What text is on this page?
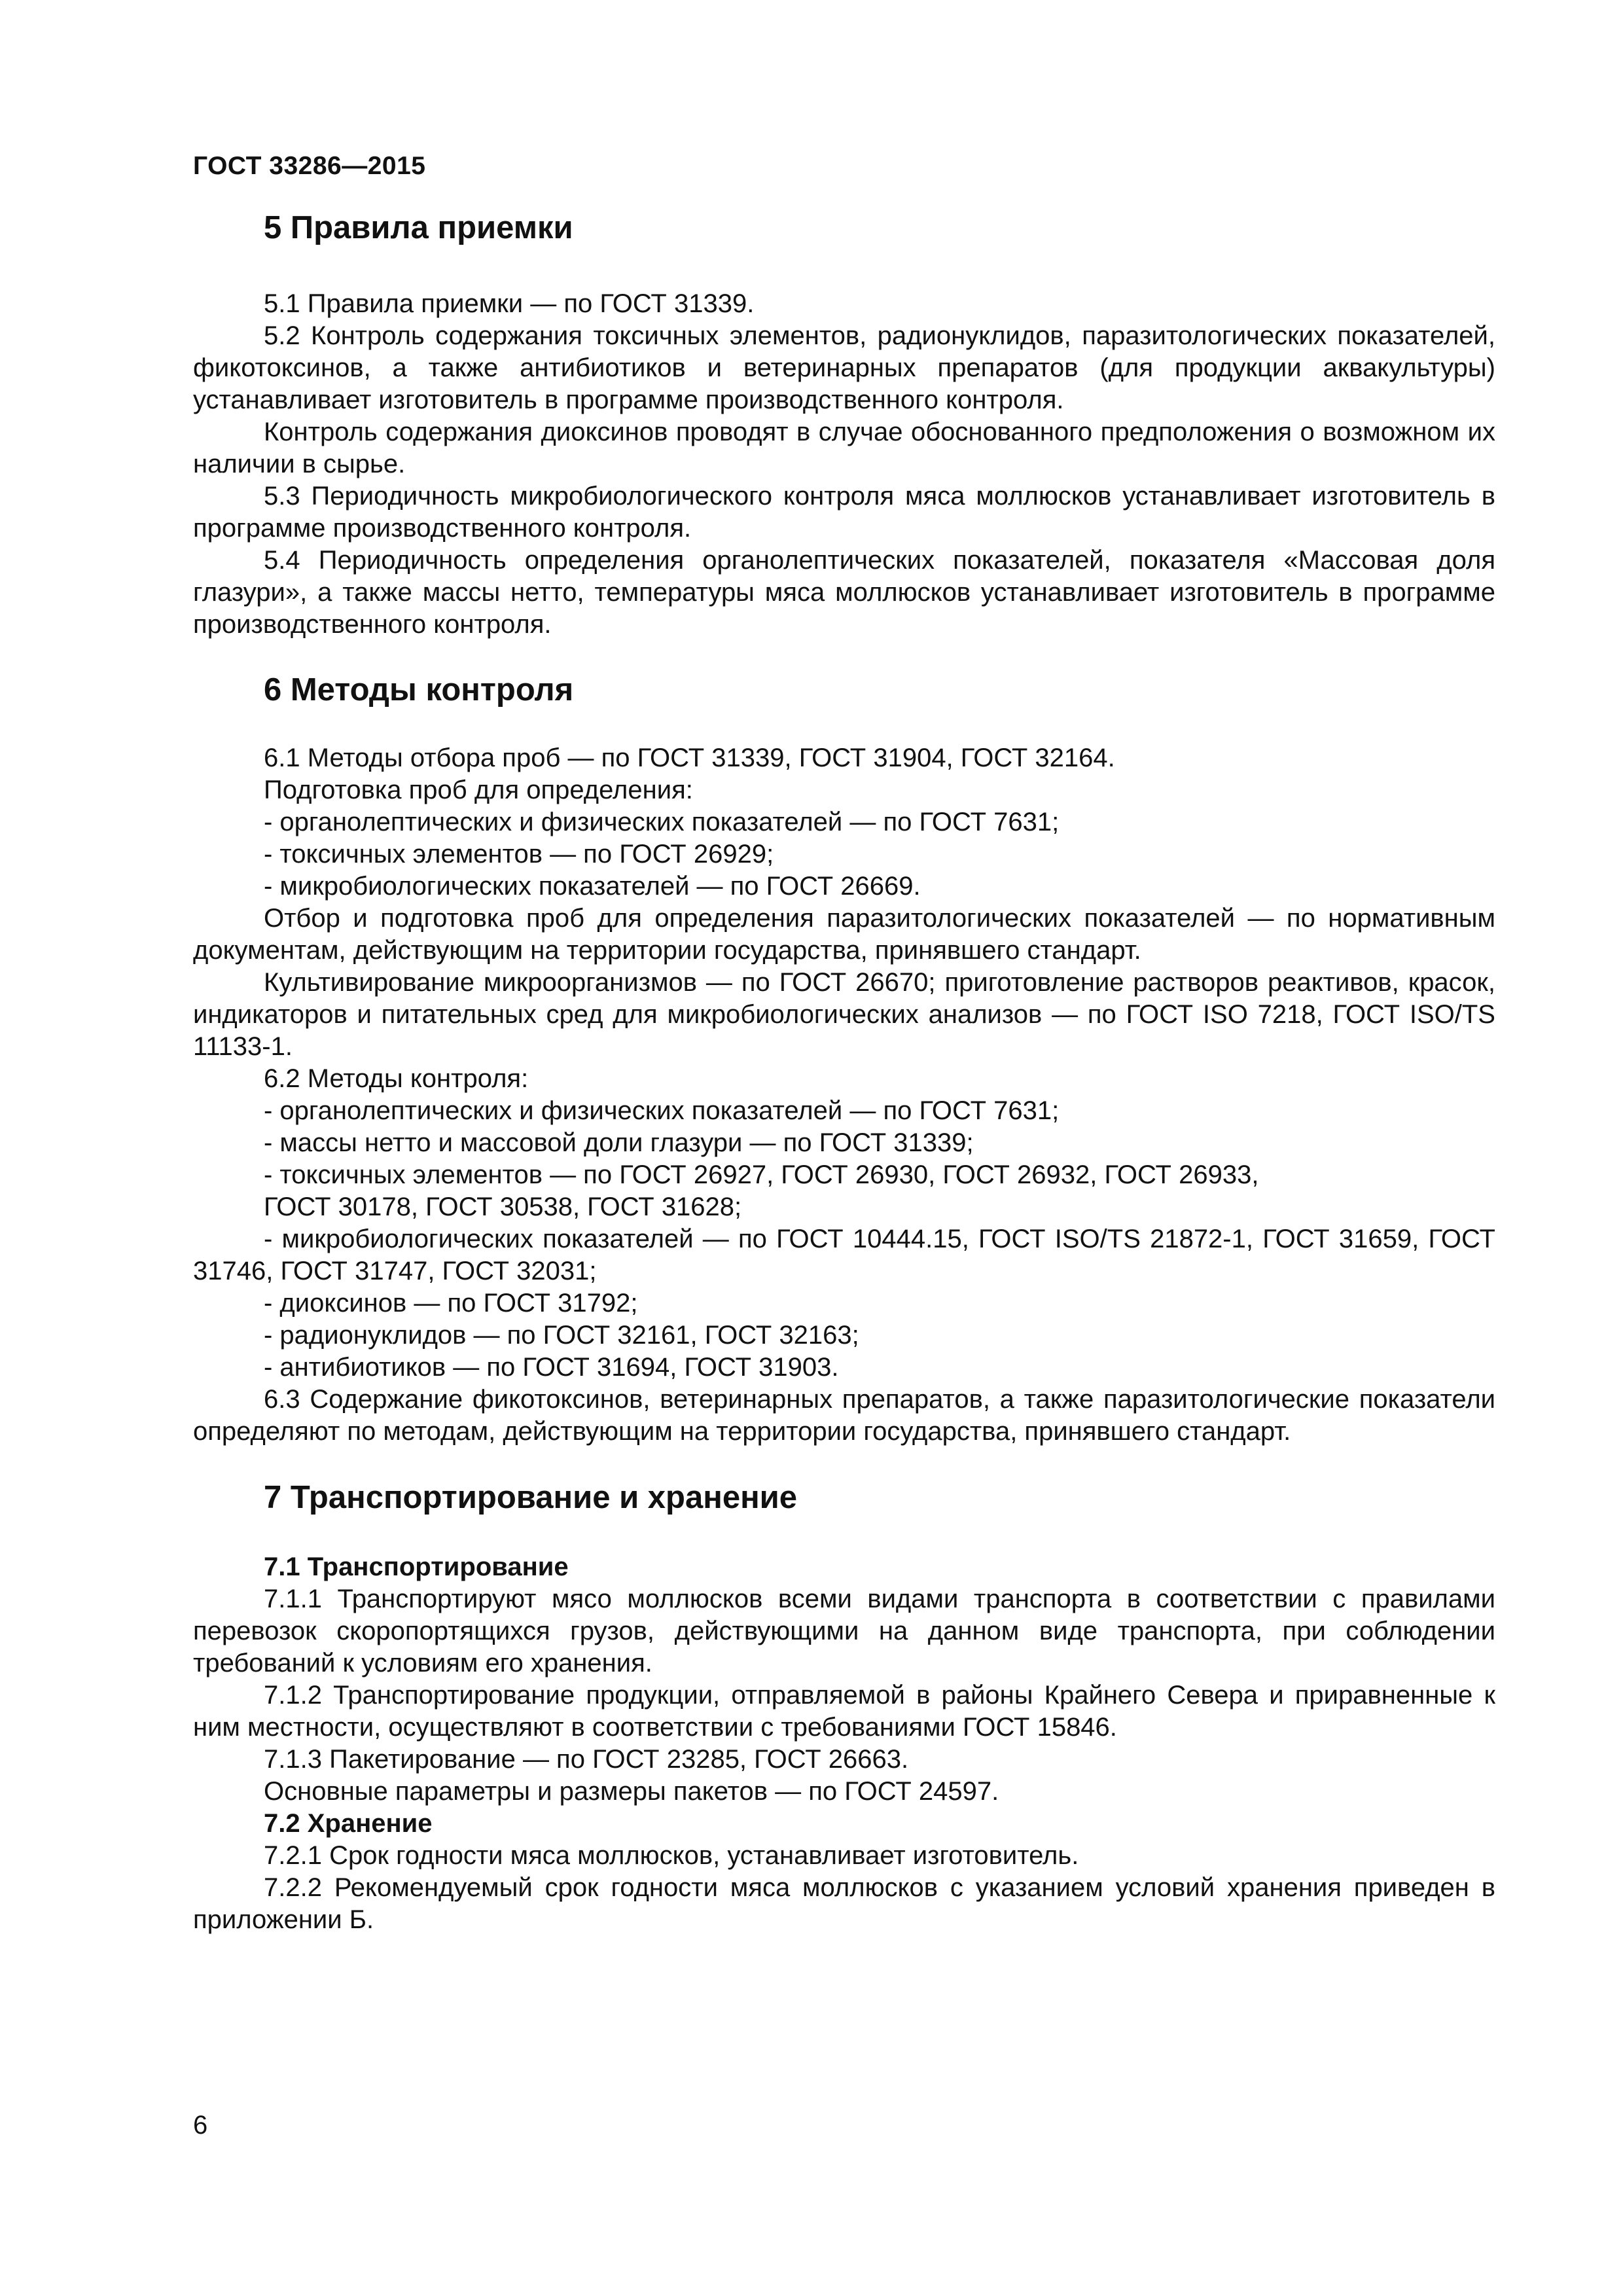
ГОСТ 33286—2015
5 Правила приемки

5.1 Правила приемки — по ГОСТ 31339.

5.2 Контроль содержания токсичных элементов, радионуклидов, паразитологических показателей, фикотоксинов, а также антибиотиков и ветеринарных препаратов (для продукции аквакультуры) устанавливает изготовитель в программе производственного контроля.

Контроль содержания диоксинов проводят в случае обоснованного предположения о возможном их наличии в сырье.

5.3 Периодичность микробиологического контроля мяса моллюсков устанавливает изготовитель в программе производственного контроля.

5.4 Периодичность определения органолептических показателей, показателя «Массовая доля глазури», а также массы нетто, температуры мяса моллюсков устанавливает изготовитель в программе производственного контроля.

6 Методы контроля

6.1 Методы отбора проб — по ГОСТ 31339, ГОСТ 31904, ГОСТ 32164.

Подготовка проб для определения:

- органолептических и физических показателей — по ГОСТ 7631;

- токсичных элементов — по ГОСТ 26929;

- микробиологических показателей — по ГОСТ 26669.

Отбор и подготовка проб для определения паразитологических показателей — по нормативным документам, действующим на территории государства, принявшего стандарт.

Культивирование микроорганизмов — по ГОСТ 26670; приготовление растворов реактивов, красок, индикаторов и питательных сред для микробиологических анализов — по ГОСТ ISO 7218, ГОСТ ISO/TS 11133-1.

6.2 Методы контроля:

- органолептических и физических показателей — по ГОСТ 7631;

- массы нетто и массовой доли глазури — по ГОСТ 31339;

- токсичных элементов — по ГОСТ 26927, ГОСТ 26930, ГОСТ 26932, ГОСТ 26933,

ГОСТ 30178, ГОСТ 30538, ГОСТ 31628;

- микробиологических показателей — по ГОСТ 10444.15, ГОСТ ISO/TS 21872-1, ГОСТ 31659, ГОСТ 31746, ГОСТ 31747, ГОСТ 32031;

- диоксинов — по ГОСТ 31792;

- радионуклидов — по ГОСТ 32161, ГОСТ 32163;

- антибиотиков — по ГОСТ 31694, ГОСТ 31903.

6.3 Содержание фикотоксинов, ветеринарных препаратов, а также паразитологические показатели определяют по методам, действующим на территории государства, принявшего стандарт.

7 Транспортирование и хранение
7.1 Транспортирование

7.1.1 Транспортируют мясо моллюсков всеми видами транспорта в соответствии с правилами перевозок скоропортящихся грузов, действующими на данном виде транспорта, при соблюдении требований к условиям его хранения.

7.1.2 Транспортирование продукции, отправляемой в районы Крайнего Севера и приравненные к ним местности, осуществляют в соответствии с требованиями ГОСТ 15846.

7.1.3 Пакетирование — по ГОСТ 23285, ГОСТ 26663.

Основные параметры и размеры пакетов — по ГОСТ 24597.

7.2 Хранение

7.2.1 Срок годности мяса моллюсков, устанавливает изготовитель.

7.2.2 Рекомендуемый срок годности мяса моллюсков с указанием условий хранения приведен в приложении Б.

6
